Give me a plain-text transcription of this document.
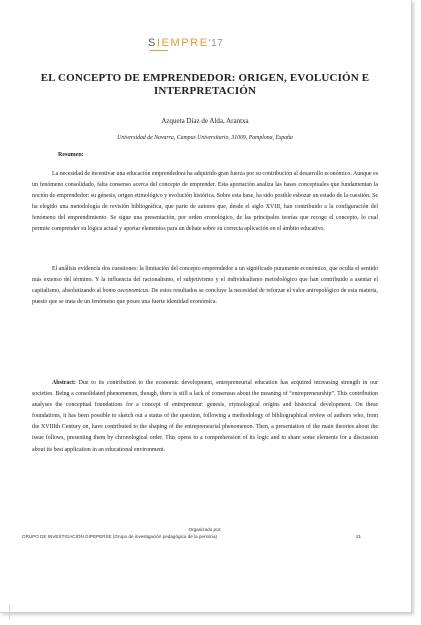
SIEMPRE'17
EL CONCEPTO DE EMPRENDEDOR: ORIGEN, EVOLUCIÓN E INTERPRETACIÓN
Azqueta Díaz de Alda, Arantxa
Universidad de Navarra, Campus Universitario, 31009, Pamplona, España
Resumen:
La necesidad de incentivar una educación emprendedora ha adquirido gran fuerza por su contribución al desarrollo económico. Aunque es un fenómeno consolidado, falta consenso acerca del concepto de emprender. Esta aportación analiza las bases conceptuales que fundamentan la noción de emprendedor: su génesis, origen etimológico y evolución histórica. Sobre esta base, ha sido posible esbozar un estado de la cuestión. Se ha elegido una metodología de revisión bibliográfica, que parte de autores que, desde el siglo XVIII, han contribuido a la configuración del fenómeno del emprendimiento. Se sigue una presentación, por orden cronológico, de las principales teorías que recoge el concepto, lo cual permite comprender su lógica actual y aportar elementos para un debate sobre su correcta aplicación en el ámbito educativo.
El análisis evidencia dos cuestiones: la limitación del concepto emprendedor a un significado puramente económico, que oculta el sentido más extenso del término. Y la influencia del racionalismo, el subjetivismo y el individualismo metodológico que han contribuido a asentar el capitalismo, absolutizando al homo oeconomicus. De estos resultados se concluye la necesidad de reforzar el valor antropológico de esta materia, puesto que se trata de un fenómeno que posee una fuerte identidad económica.
Abstract: Due to its contribution to the economic development, entrepreneurial education has acquired increasing strength in our societies. Being a consolidated phenomenon, though, there is still a lack of consensus about the meaning of “entrepreneurship”. This contribution analyses the conceptual foundations for a concept of entrepreneur: genesis, etymological origins and historical development. On these foundations, it has been possible to sketch out a status of the question, following a methodology of bibliographical review of authors who, from the XVIIIth Century on, have contributed to the shaping of the entrepreneurial phenomenon. Then, a presentation of the main theories about the issue follows, presenting them by chronological order. This opens to a comprehension of its logic and to share some elements for a discussion about its best application in an educational environment.
Organizado por:
GRUPO DE INVESTIGACIÓN GIPEPERSE (Grupo de investigación pedagógica de la persona)	21
